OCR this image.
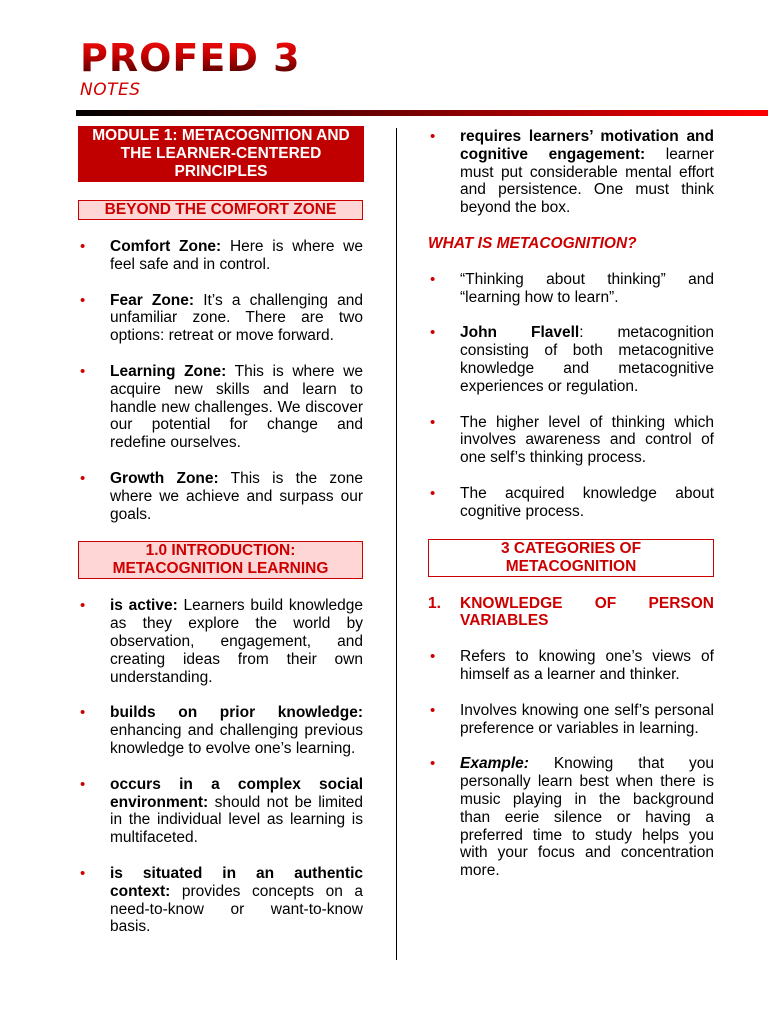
PROFED 3
NOTES
MODULE 1: METACOGNITION AND THE LEARNER-CENTERED PRINCIPLES
BEYOND THE COMFORT ZONE
• Comfort Zone: Here is where we feel safe and in control.
• Fear Zone: It’s a challenging and unfamiliar zone. There are two options: retreat or move forward.
• Learning Zone: This is where we acquire new skills and learn to handle new challenges. We discover our potential for change and redefine ourselves.
• Growth Zone: This is the zone where we achieve and surpass our goals.
1.0 INTRODUCTION: METACOGNITION LEARNING
• is active: Learners build knowledge as they explore the world by observation, engagement, and creating ideas from their own understanding.
• builds on prior knowledge: enhancing and challenging previous knowledge to evolve one’s learning.
• occurs in a complex social environment: should not be limited in the individual level as learning is multifaceted.
• is situated in an authentic context: provides concepts on a need-to-know or want-to-know basis.
• requires learners’ motivation and cognitive engagement: learner must put considerable mental effort and persistence. One must think beyond the box.
WHAT IS METACOGNITION?
• “Thinking about thinking” and “learning how to learn”.
• John Flavell: metacognition consisting of both metacognitive knowledge and metacognitive experiences or regulation.
• The higher level of thinking which involves awareness and control of one self’s thinking process.
• The acquired knowledge about cognitive process.
3 CATEGORIES OF METACOGNITION
1. KNOWLEDGE OF PERSON VARIABLES
• Refers to knowing one’s views of himself as a learner and thinker.
• Involves knowing one self’s personal preference or variables in learning.
• Example: Knowing that you personally learn best when there is music playing in the background than eerie silence or having a preferred time to study helps you with your focus and concentration more.
